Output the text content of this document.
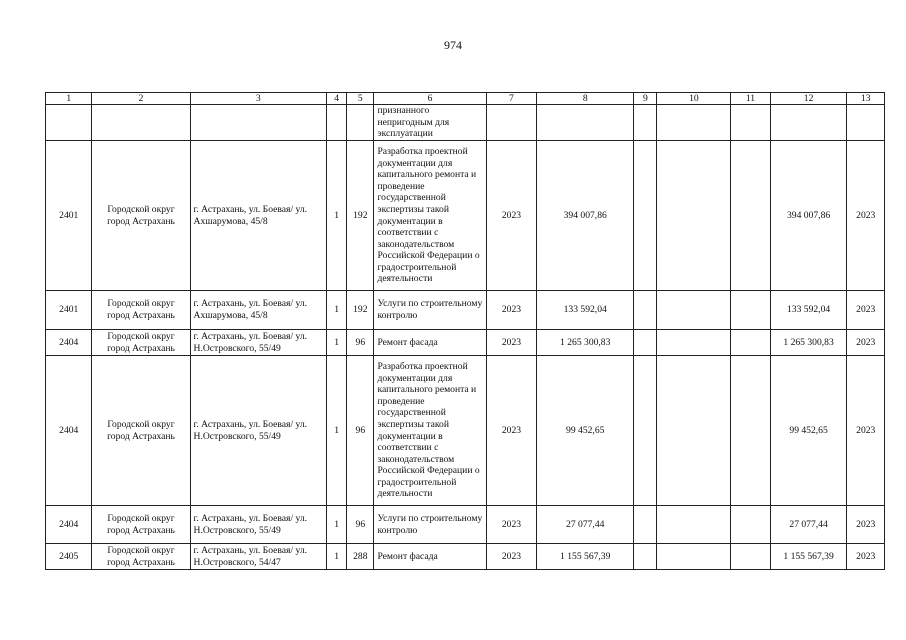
974
1	2	3	4	5	6	7	8	9	10	11	12	13
					признанного непригодным для эксплуатации							
2401	Городской округ город Астрахань	г. Астрахань, ул. Боевая/ ул. Ахшарумова, 45/8	1	192	Разработка проектной документации для капитального ремонта и проведение государственной экспертизы такой документации в соответствии с законодательством Российской Федерации о градостроительной деятельности	2023	394 007,86				394 007,86	2023
2401	Городской округ город Астрахань	г. Астрахань, ул. Боевая/ ул. Ахшарумова, 45/8	1	192	Услуги по строительному контролю	2023	133 592,04				133 592,04	2023
2404	Городской округ город Астрахань	г. Астрахань, ул. Боевая/ ул. Н.Островского, 55/49	1	96	Ремонт фасада	2023	1 265 300,83				1 265 300,83	2023
2404	Городской округ город Астрахань	г. Астрахань, ул. Боевая/ ул. Н.Островского, 55/49	1	96	Разработка проектной документации для капитального ремонта и проведение государственной экспертизы такой документации в соответствии с законодательством Российской Федерации о градостроительной деятельности	2023	99 452,65				99 452,65	2023
2404	Городской округ город Астрахань	г. Астрахань, ул. Боевая/ ул. Н.Островского, 55/49	1	96	Услуги по строительному контролю	2023	27 077,44				27 077,44	2023
2405	Городской округ город Астрахань	г. Астрахань, ул. Боевая/ ул. Н.Островского, 54/47	1	288	Ремонт фасада	2023	1 155 567,39				1 155 567,39	2023
